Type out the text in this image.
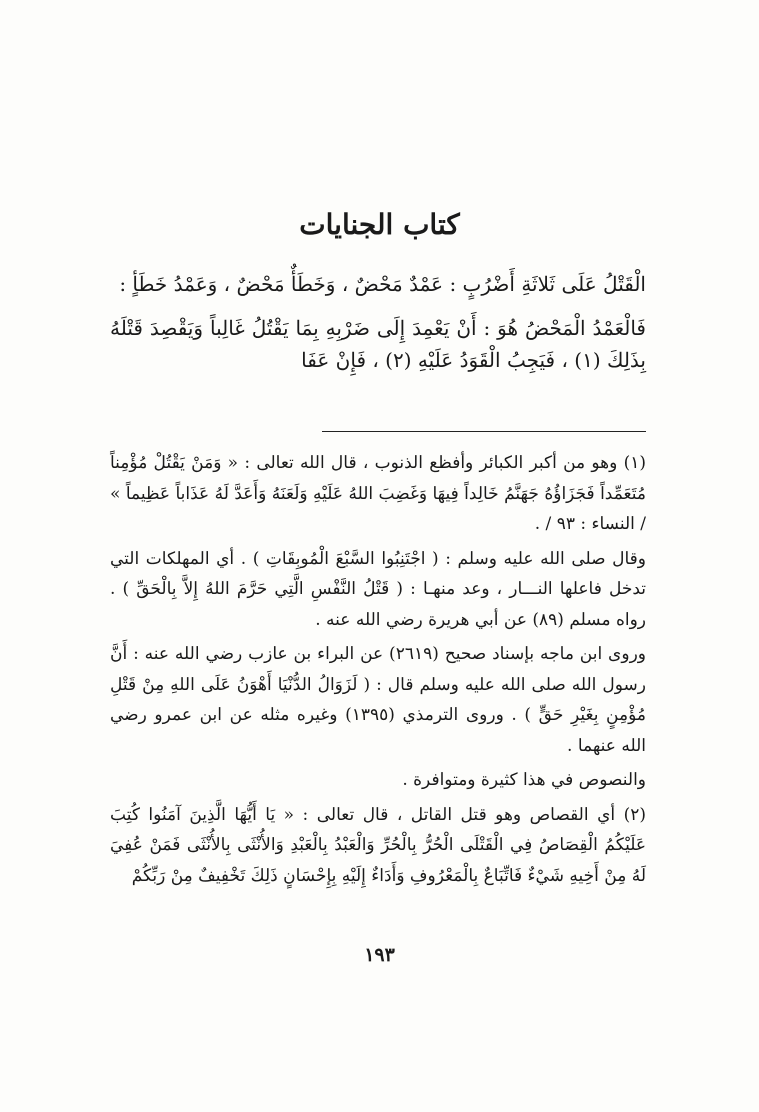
كتاب الجنايات

الْقَتْلُ عَلَى ثَلاثَةِ أَضْرُبٍ : عَمْدٌ مَحْضٌ ، وَخَطَأٌ مَحْضٌ ، وَعَمْدُ خَطَأٍ :

فَالْعَمْدُ الْمَحْضُ هُوَ : أَنْ يَعْمِدَ إِلَى ضَرْبِهِ بِمَا يَقْتُلُ غَالِباً وَيَقْصِدَ قَتْلَهُ بِذَلِكَ (١) ، فَيَجِبُ الْقَوَدُ عَلَيْهِ (٢) ، فَإِنْ عَفَا

(١) وهو من أكبر الكبائر وأفظع الذنوب ، قال الله تعالى : « وَمَنْ يَقْتُلْ مُؤْمِناً مُتَعَمِّداً فَجَزَاؤُهُ جَهَنَّمُ خَالِداً فِيهَا وَغَضِبَ اللهُ عَلَيْهِ وَلَعَنَهُ وَأَعَدَّ لَهُ عَذَاباً عَظِيماً » / النساء : ٩٣ / .

وقال صلى الله عليه وسلم : ( اجْتَنِبُوا السَّبْعَ الْمُوبِقَاتِ ) . أي المهلكات التي تدخل فاعلها النـــار ، وعد منهـا : ( قَتْلُ النَّفْسِ الَّتِي حَرَّمَ اللهُ إِلاَّ بِالْحَقِّ ) . رواه مسلم (٨٩) عن أبي هريرة رضي الله عنه .

وروى ابن ماجه بإسناد صحيح (٢٦١٩) عن البراء بن عازب رضي الله عنه : أَنَّ رسول الله صلى الله عليه وسلم قال : ( لَزَوَالُ الدُّنْيَا أَهْوَنُ عَلَى اللهِ مِنْ قَتْلِ مُؤْمِنٍ بِغَيْرِ حَقٍّ ) . وروى الترمذي (١٣٩٥) وغيره مثله عن ابن عمرو رضي الله عنهما .

والنصوص في هذا كثيرة ومتوافرة .

(٢) أي القصاص وهو قتل القاتل ، قال تعالى : « يَا أَيُّهَا الَّذِينَ آمَنُوا كُتِبَ عَلَيْكُمُ الْقِصَاصُ فِي الْقَتْلَى الْحُرُّ بِالْحُرِّ وَالْعَبْدُ بِالْعَبْدِ وَالأُنْثَى بِالأُنْثَى فَمَنْ عُفِيَ لَهُ مِنْ أَخِيهِ شَيْءٌ فَاتِّبَاعٌ بِالْمَعْرُوفِ وَأَدَاءٌ إِلَيْهِ بِإِحْسَانٍ ذَلِكَ تَخْفِيفٌ مِنْ رَبِّكُمْ

١٩٣
